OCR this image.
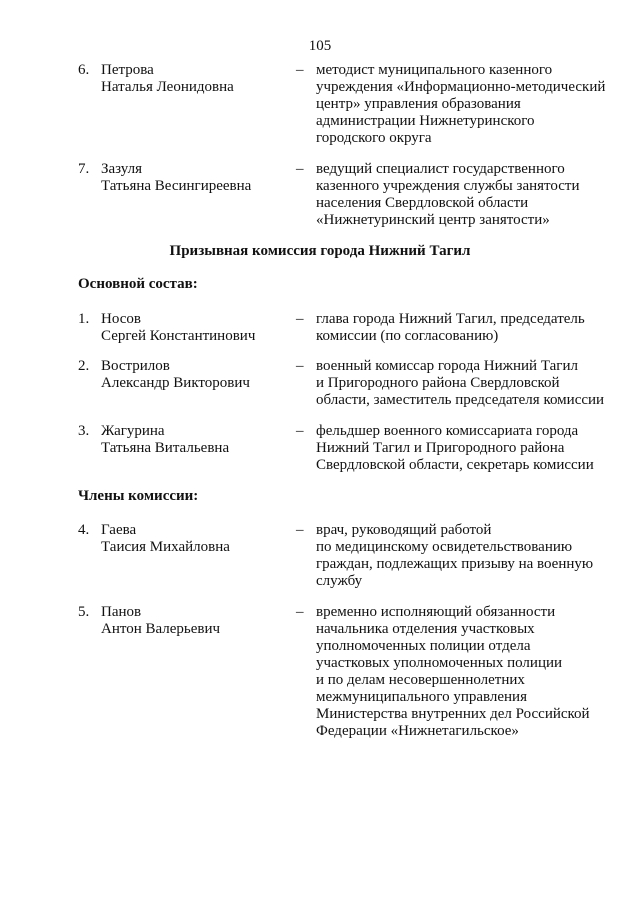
105
6. Петрова
Наталья Леонидовна
– методист муниципального казенного
учреждения «Информационно-методический
центр» управления образования
администрации Нижнетуринского
городского округа
7. Зазуля
Татьяна Весингиреевна
– ведущий специалист государственного
казенного учреждения службы занятости
населения Свердловской области
«Нижнетуринский центр занятости»
Призывная комиссия города Нижний Тагил
Основной состав:
1. Носов
Сергей Константинович
– глава города Нижний Тагил, председатель
комиссии (по согласованию)
2. Вострилов
Александр Викторович
– военный комиссар города Нижний Тагил
и Пригородного района Свердловской
области, заместитель председателя комиссии
3. Жагурина
Татьяна Витальевна
– фельдшер военного комиссариата города
Нижний Тагил и Пригородного района
Свердловской области, секретарь комиссии
Члены комиссии:
4. Гаева
Таисия Михайловна
– врач, руководящий работой
по медицинскому освидетельствованию
граждан, подлежащих призыву на военную
службу
5. Панов
Антон Валерьевич
– временно исполняющий обязанности
начальника отделения участковых
уполномоченных полиции отдела
участковых уполномоченных полиции
и по делам несовершеннолетних
межмуниципального управления
Министерства внутренних дел Российской
Федерации «Нижнетагильское»
